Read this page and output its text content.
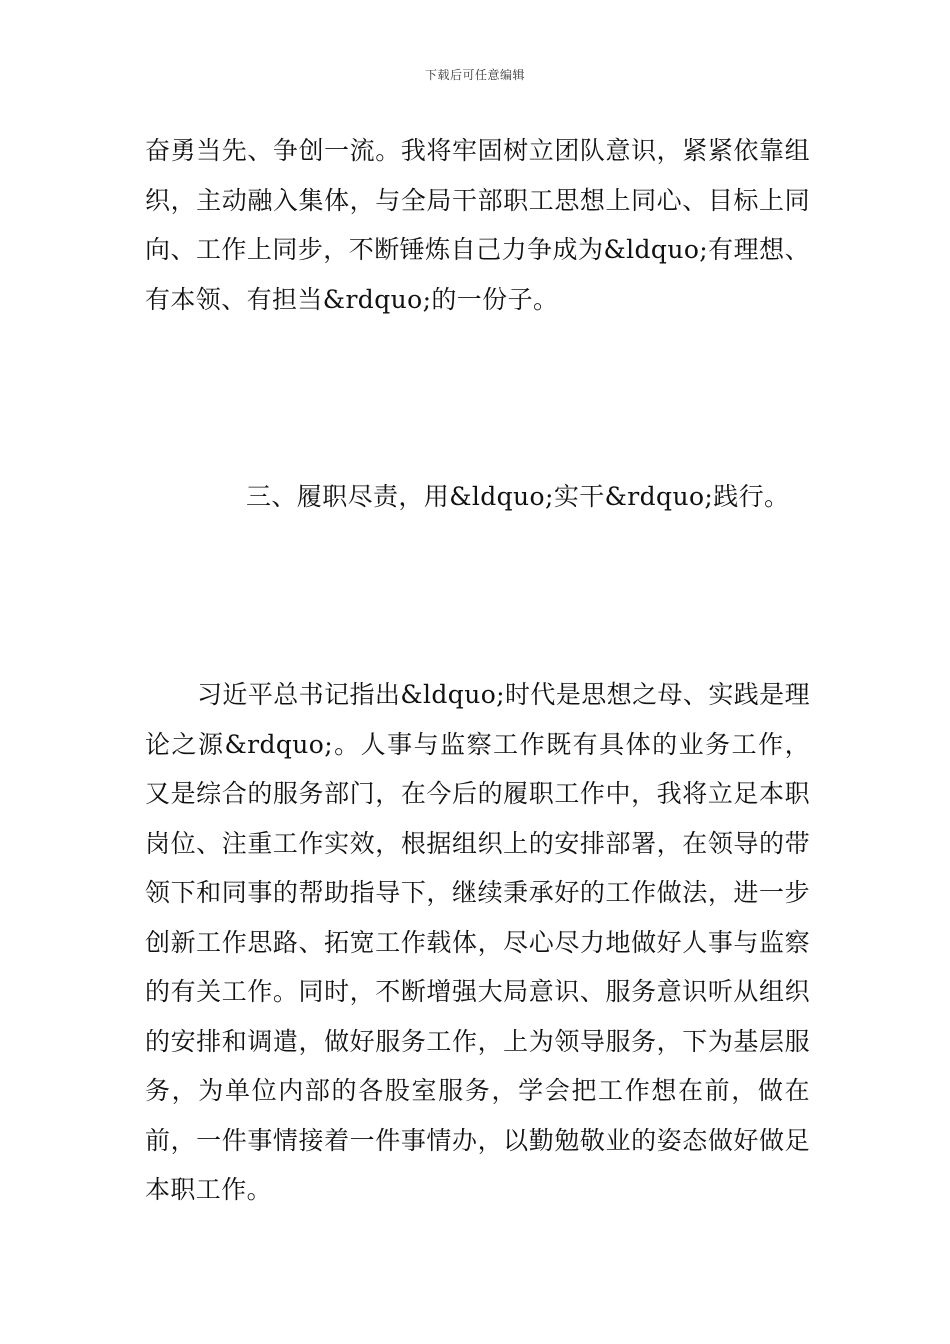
下载后可任意编辑

奋勇当先、争创一流。我将牢固树立团队意识，紧紧依靠组织，主动融入集体，与全局干部职工思想上同心、目标上同向、工作上同步，不断锤炼自己力争成为&ldquo;有理想、有本领、有担当&rdquo;的一份子。

三、履职尽责，用&ldquo;实干&rdquo;践行。

习近平总书记指出&ldquo;时代是思想之母、实践是理论之源&rdquo;。人事与监察工作既有具体的业务工作，又是综合的服务部门，在今后的履职工作中，我将立足本职岗位、注重工作实效，根据组织上的安排部署，在领导的带领下和同事的帮助指导下，继续秉承好的工作做法，进一步创新工作思路、拓宽工作载体，尽心尽力地做好人事与监察的有关工作。同时，不断增强大局意识、服务意识听从组织的安排和调遣，做好服务工作，上为领导服务，下为基层服务，为单位内部的各股室服务，学会把工作想在前，做在前，一件事情接着一件事情办，以勤勉敬业的姿态做好做足本职工作。
